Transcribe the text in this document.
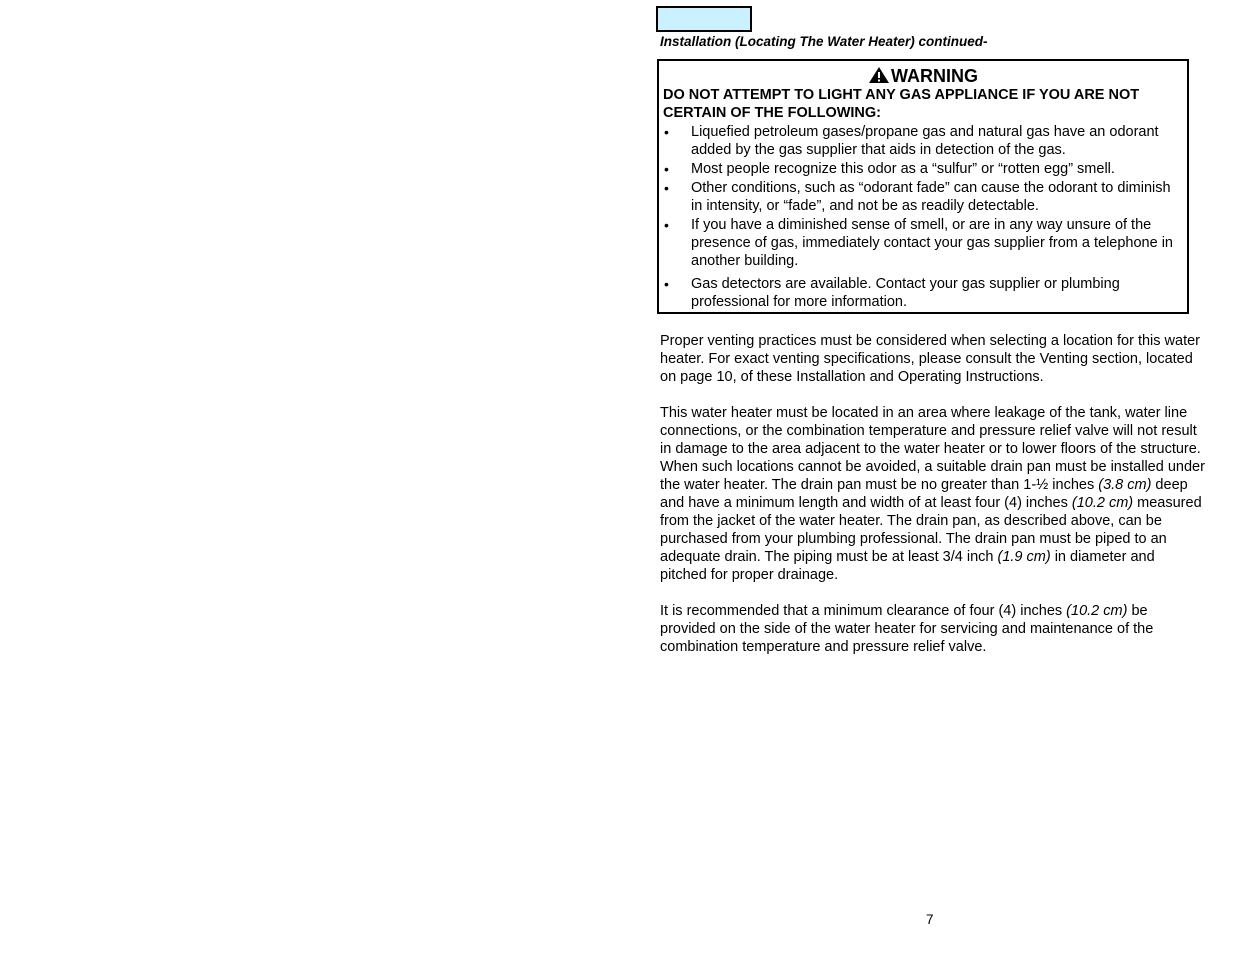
Installation (Locating The Water Heater) continued-
WARNING
DO NOT ATTEMPT TO LIGHT ANY GAS APPLIANCE IF YOU ARE NOT CERTAIN OF THE FOLLOWING:
• Liquefied petroleum gases/propane gas and natural gas have an odorant added by the gas supplier that aids in detection of the gas.
• Most people recognize this odor as a “sulfur” or “rotten egg” smell.
• Other conditions, such as “odorant fade” can cause the odorant to diminish in intensity, or “fade”, and not be as readily detectable.
• If you have a diminished sense of smell, or are in any way unsure of the presence of gas, immediately contact your gas supplier from a telephone in another building.
• Gas detectors are available. Contact your gas supplier or plumbing professional for more information.

Proper venting practices must be considered when selecting a location for this water heater. For exact venting specifications, please consult the Venting section, located on page 10, of these Installation and Operating Instructions.

This water heater must be located in an area where leakage of the tank, water line connections, or the combination temperature and pressure relief valve will not result in damage to the area adjacent to the water heater or to lower floors of the structure. When such locations cannot be avoided, a suitable drain pan must be installed under the water heater. The drain pan must be no greater than 1-½ inches (3.8 cm) deep and have a minimum length and width of at least four (4) inches (10.2 cm) measured from the jacket of the water heater. The drain pan, as described above, can be purchased from your plumbing professional. The drain pan must be piped to an adequate drain. The piping must be at least 3/4 inch (1.9 cm) in diameter and pitched for proper drainage.

It is recommended that a minimum clearance of four (4) inches (10.2 cm) be provided on the side of the water heater for servicing and maintenance of the combination temperature and pressure relief valve.

7
